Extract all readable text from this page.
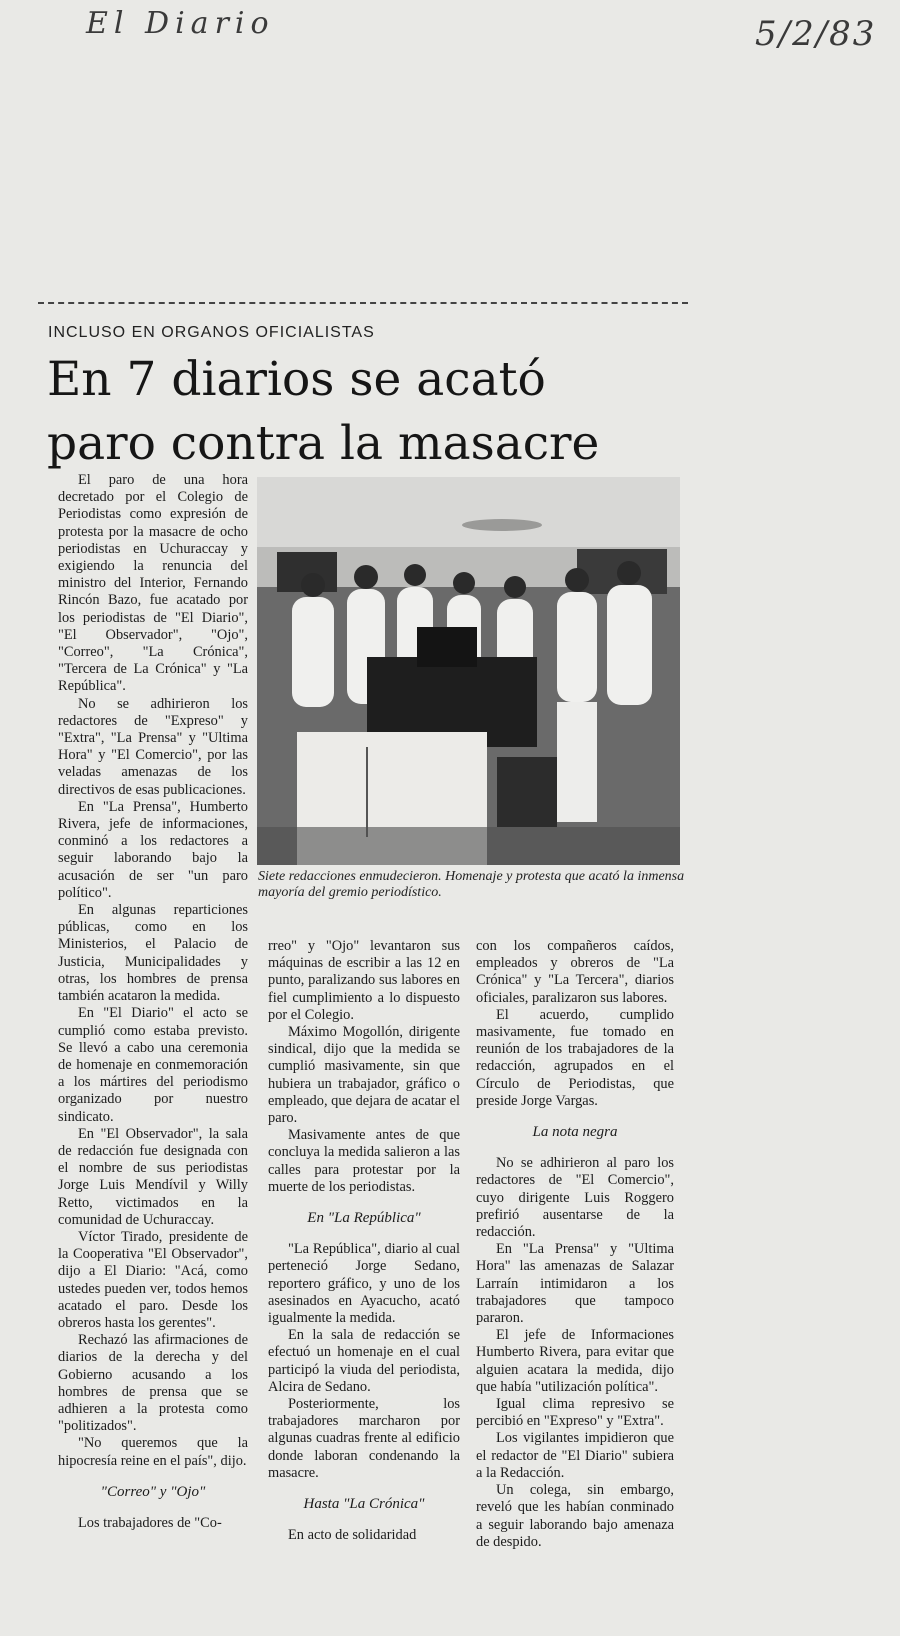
El Diario	5/2/83
INCLUSO EN ORGANOS OFICIALISTAS
En 7 diarios se acató
paro contra la masacre

El paro de una hora decretado por el Colegio de Periodistas como expresión de protesta por la masacre de ocho periodistas en Uchuraccay y exigiendo la renuncia del ministro del Interior, Fernando Rincón Bazo, fue acatado por los periodistas de "El Diario", "El Observador", "Ojo", "Correo", "La Crónica", "Tercera de La Crónica" y "La República".

No se adhirieron los redactores de "Expreso" y "Extra", "La Prensa" y "Ultima Hora" y "El Comercio", por las veladas amenazas de los directivos de esas publicaciones.

En "La Prensa", Humberto Rivera, jefe de informaciones, conminó a los redactores a seguir laborando bajo la acusación de ser "un paro político".

En algunas reparticiones públicas, como en los Ministerios, el Palacio de Justicia, Municipalidades y otras, los hombres de prensa también acataron la medida.

En "El Diario" el acto se cumplió como estaba previsto. Se llevó a cabo una ceremonia de homenaje en conmemoración a los mártires del periodismo organizado por nuestro sindicato.

En "El Observador", la sala de redacción fue designada con el nombre de sus periodistas Jorge Luis Mendívil y Willy Retto, victimados en la comunidad de Uchuraccay.

Víctor Tirado, presidente de la Cooperativa "El Observador", dijo a El Diario: "Acá, como ustedes pueden ver, todos hemos acatado el paro. Desde los obreros hasta los gerentes".

Rechazó las afirmaciones de diarios de la derecha y del Gobierno acusando a los hombres de prensa que se adhieren a la protesta como "politizados".

"No queremos que la hipocresía reine en el país", dijo.

"Correo" y "Ojo"

Los trabajadores de "Co-

Siete redacciones enmudecieron. Homenaje y protesta que acató la inmensa mayoría del gremio periodístico.

rreo" y "Ojo" levantaron sus máquinas de escribir a las 12 en punto, paralizando sus labores en fiel cumplimiento a lo dispuesto por el Colegio.

Máximo Mogollón, dirigente sindical, dijo que la medida se cumplió masivamente, sin que hubiera un trabajador, gráfico o empleado, que dejara de acatar el paro.

Masivamente antes de que concluya la medida salieron a las calles para protestar por la muerte de los periodistas.

En "La República"

"La República", diario al cual perteneció Jorge Sedano, reportero gráfico, y uno de los asesinados en Ayacucho, acató igualmente la medida.

En la sala de redacción se efectuó un homenaje en el cual participó la viuda del periodista, Alcira de Sedano.

Posteriormente, los trabajadores marcharon por algunas cuadras frente al edificio donde laboran condenando la masacre.

Hasta "La Crónica"

En acto de solidaridad

con los compañeros caídos, empleados y obreros de "La Crónica" y "La Tercera", diarios oficiales, paralizaron sus labores.

El acuerdo, cumplido masivamente, fue tomado en reunión de los trabajadores de la redacción, agrupados en el Círculo de Periodistas, que preside Jorge Vargas.

La nota negra

No se adhirieron al paro los redactores de "El Comercio", cuyo dirigente Luis Roggero prefirió ausentarse de la redacción.

En "La Prensa" y "Ultima Hora" las amenazas de Salazar Larraín intimidaron a los trabajadores que tampoco pararon.

El jefe de Informaciones Humberto Rivera, para evitar que alguien acatara la medida, dijo que había "utilización política".

Igual clima represivo se percibió en "Expreso" y "Extra".

Los vigilantes impidieron que el redactor de "El Diario" subiera a la Redacción.

Un colega, sin embargo, reveló que les habían conminado a seguir laborando bajo amenaza de despido.
